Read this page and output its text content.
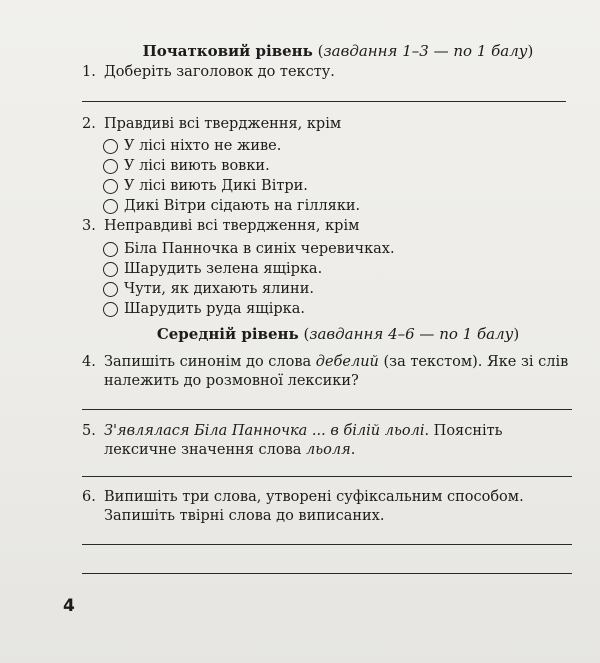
Початковий рівень (завдання 1–3 — по 1 балу)
1. Доберіть заголовок до тексту.
2. Правдиві всі твердження, крім
У лісі ніхто не живе.
У лісі виють вовки.
У лісі виють Дикі Вітри.
Дикі Вітри сідають на гілляки.
3. Неправдиві всі твердження, крім
Біла Панночка в синіх черевичках.
Шарудить зелена ящірка.
Чути, як дихають ялини.
Шарудить руда ящірка.
Середній рівень (завдання 4–6 — по 1 балу)
4. Запишіть синонім до слова дебелий (за текстом). Яке зі слів належить до розмовної лексики?
5. З'являлася Біла Панночка ... в білій льолі. Поясніть лексичне значення слова льоля.
6. Випишіть три слова, утворені суфіксальним способом. Запишіть твірні слова до виписаних.
4
